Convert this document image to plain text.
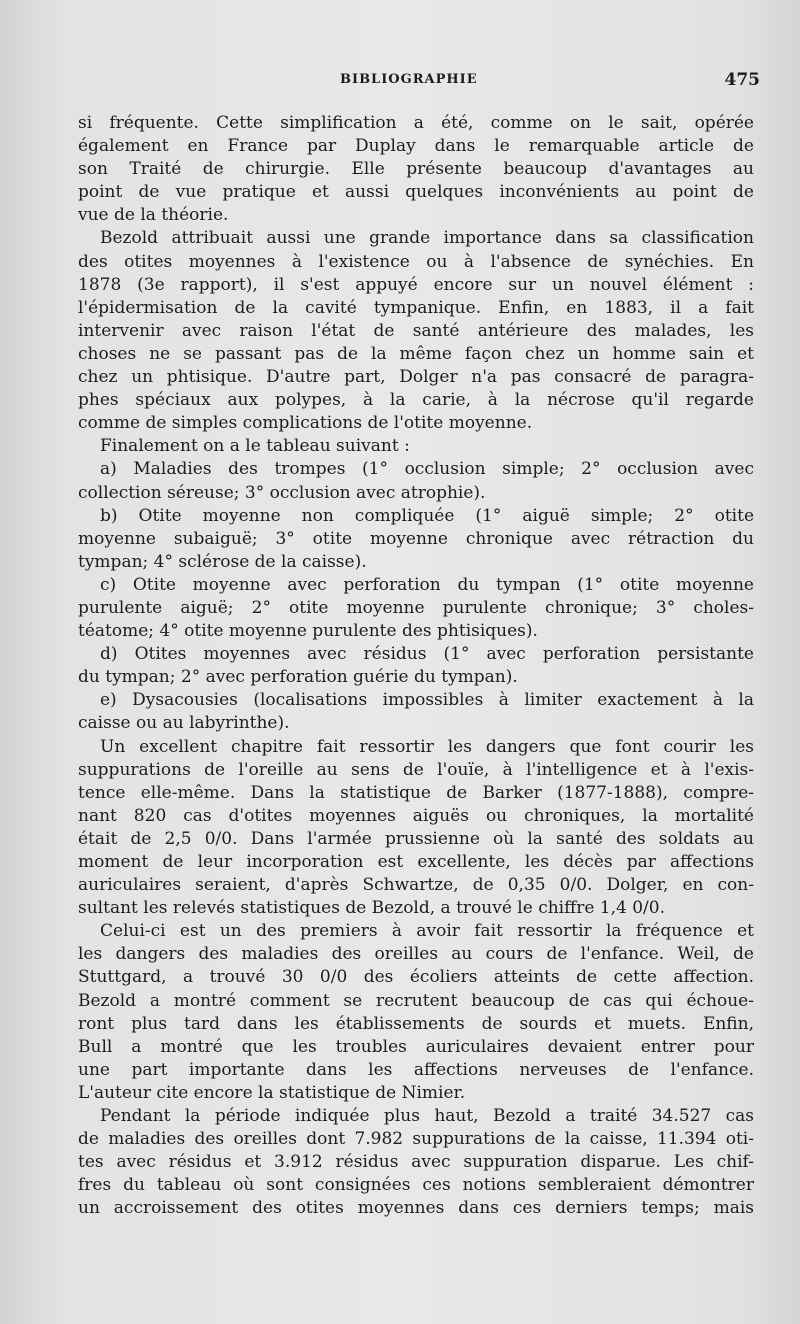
BIBLIOGRAPHIE	475
si fréquente. Cette simplification a été, comme on le sait, opérée
également en France par Duplay dans le remarquable article de
son Traité de chirurgie. Elle présente beaucoup d'avantages au
point de vue pratique et aussi quelques inconvénients au point de
vue de la théorie.
Bezold attribuait aussi une grande importance dans sa classification
des otites moyennes à l'existence ou à l'absence de synéchies. En
1878 (3e rapport), il s'est appuyé encore sur un nouvel élément :
l'épidermisation de la cavité tympanique. Enfin, en 1883, il a fait
intervenir avec raison l'état de santé antérieure des malades, les
choses ne se passant pas de la même façon chez un homme sain et
chez un phtisique. D'autre part, Dolger n'a pas consacré de paragra-
phes spéciaux aux polypes, à la carie, à la nécrose qu'il regarde
comme de simples complications de l'otite moyenne.
Finalement on a le tableau suivant :
a) Maladies des trompes (1° occlusion simple; 2° occlusion avec
collection séreuse; 3° occlusion avec atrophie).
b) Otite moyenne non compliquée (1° aiguë simple; 2° otite
moyenne subaiguë; 3° otite moyenne chronique avec rétraction du
tympan; 4° sclérose de la caisse).
c) Otite moyenne avec perforation du tympan (1° otite moyenne
purulente aiguë; 2° otite moyenne purulente chronique; 3° choles-
téatome; 4° otite moyenne purulente des phtisiques).
d) Otites moyennes avec résidus (1° avec perforation persistante
du tympan; 2° avec perforation guérie du tympan).
e) Dysacousies (localisations impossibles à limiter exactement à la
caisse ou au labyrinthe).
Un excellent chapitre fait ressortir les dangers que font courir les
suppurations de l'oreille au sens de l'ouïe, à l'intelligence et à l'exis-
tence elle-même. Dans la statistique de Barker (1877-1888), compre-
nant 820 cas d'otites moyennes aiguës ou chroniques, la mortalité
était de 2,5 0/0. Dans l'armée prussienne où la santé des soldats au
moment de leur incorporation est excellente, les décès par affections
auriculaires seraient, d'après Schwartze, de 0,35 0/0. Dolger, en con-
sultant les relevés statistiques de Bezold, a trouvé le chiffre 1,4 0/0.
Celui-ci est un des premiers à avoir fait ressortir la fréquence et
les dangers des maladies des oreilles au cours de l'enfance. Weil, de
Stuttgard, a trouvé 30 0/0 des écoliers atteints de cette affection.
Bezold a montré comment se recrutent beaucoup de cas qui échoue-
ront plus tard dans les établissements de sourds et muets. Enfin,
Bull a montré que les troubles auriculaires devaient entrer pour
une part importante dans les affections nerveuses de l'enfance.
L'auteur cite encore la statistique de Nimier.
Pendant la période indiquée plus haut, Bezold a traité 34.527 cas
de maladies des oreilles dont 7.982 suppurations de la caisse, 11.394 oti-
tes avec résidus et 3.912 résidus avec suppuration disparue. Les chif-
fres du tableau où sont consignées ces notions sembleraient démontrer
un accroissement des otites moyennes dans ces derniers temps; mais
